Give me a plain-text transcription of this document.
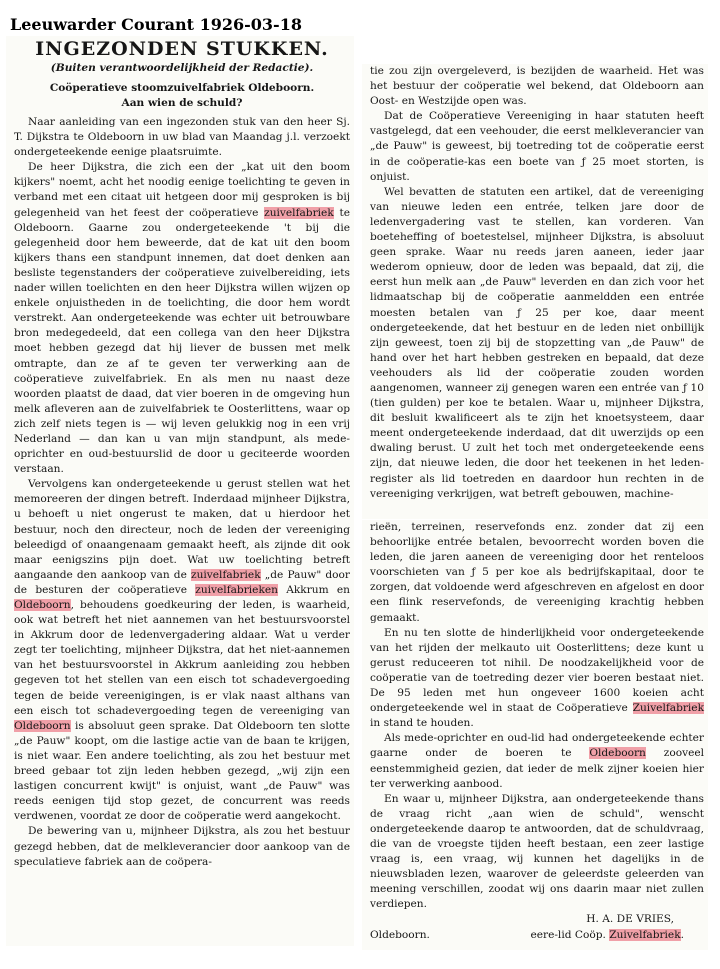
Leeuwarder Courant 1926-03-18
INGEZONDEN STUKKEN.
(Buiten verantwoordelijkheid der Redactie).
Coöperatieve stoomzuivelfabriek Oldeboorn.
Aan wien de schuld?

Naar aanleiding van een ingezonden stuk van den heer Sj. T. Dijkstra te Oldeboorn in uw blad van Maandag j.l. verzoekt ondergeteekende eenige plaatsruimte.

De heer Dijkstra, die zich een der „kat uit den boom kijkers" noemt, acht het noodig eenige toelichting te geven in verband met een citaat uit hetgeen door mij gesproken is bij gelegenheid van het feest der coöperatieve zuivelfabriek te Oldeboorn. Gaarne zou ondergeteekende 't bij die gelegenheid door hem beweerde, dat de kat uit den boom kijkers thans een standpunt innemen, dat doet denken aan besliste tegenstanders der coöperatieve zuivelbereiding, iets nader willen toelichten en den heer Dijkstra willen wijzen op enkele onjuistheden in de toelichting, die door hem wordt verstrekt. Aan ondergeteekende was echter uit betrouwbare bron medegedeeld, dat een collega van den heer Dijkstra moet hebben gezegd dat hij liever de bussen met melk omtrapte, dan ze af te geven ter verwerking aan de coöperatieve zuivelfabriek. En als men nu naast deze woorden plaatst de daad, dat vier boeren in de omgeving hun melk afleveren aan de zuivelfabriek te Oosterlittens, waar op zich zelf niets tegen is — wij leven gelukkig nog in een vrij Nederland — dan kan u van mijn standpunt, als mede-oprichter en oud-bestuurslid de door u geciteerde woorden verstaan.

Vervolgens kan ondergeteekende u gerust stellen wat het memoreeren der dingen betreft. Inderdaad mijnheer Dijkstra, u behoeft u niet ongerust te maken, dat u hierdoor het bestuur, noch den directeur, noch de leden der vereeniging beleedigd of onaangenaam gemaakt heeft, als zijnde dit ook maar eenigszins pijn doet. Wat uw toelichting betreft aangaande den aankoop van de zuivelfabriek „de Pauw" door de besturen der coöperatieve zuivelfabrieken Akkrum en Oldeboorn, behoudens goedkeuring der leden, is waarheid, ook wat betreft het niet aannemen van het bestuursvoorstel in Akkrum door de ledenvergadering aldaar. Wat u verder zegt ter toelichting, mijnheer Dijkstra, dat het niet-aannemen van het bestuursvoorstel in Akkrum aanleiding zou hebben gegeven tot het stellen van een eisch tot schadevergoeding tegen de beide vereenigingen, is er vlak naast althans van een eisch tot schadevergoeding tegen de vereeniging van Oldeboorn is absoluut geen sprake. Dat Oldeboorn ten slotte „de Pauw" koopt, om die lastige actie van de baan te krijgen, is niet waar. Een andere toelichting, als zou het bestuur met breed gebaar tot zijn leden hebben gezegd, „wij zijn een lastigen concurrent kwijt" is onjuist, want „de Pauw" was reeds eenigen tijd stop gezet, de concurrent was reeds verdwenen, voordat ze door de coöperatie werd aangekocht.

De bewering van u, mijnheer Dijkstra, als zou het bestuur gezegd hebben, dat de melkleverancier door aankoop van de speculatieve fabriek aan de coöpera-

tie zou zijn overgeleverd, is bezijden de waarheid. Het was het bestuur der coöperatie wel bekend, dat Oldeboorn aan Oost- en Westzijde open was.

Dat de Coöperatieve Vereeniging in haar statuten heeft vastgelegd, dat een veehouder, die eerst melkleverancier van „de Pauw" is geweest, bij toetreding tot de coöperatie eerst in de coöperatie-kas een boete van ƒ 25 moet storten, is onjuist.

Wel bevatten de statuten een artikel, dat de vereeniging van nieuwe leden een entrée, telken jare door de ledenvergadering vast te stellen, kan vorderen. Van boeteheffing of boetestelsel, mijnheer Dijkstra, is absoluut geen sprake. Waar nu reeds jaren aaneen, ieder jaar wederom opnieuw, door de leden was bepaald, dat zij, die eerst hun melk aan „de Pauw" leverden en dan zich voor het lidmaatschap bij de coöperatie aanmeldden een entrée moesten betalen van ƒ 25 per koe, daar meent ondergeteekende, dat het bestuur en de leden niet onbillijk zijn geweest, toen zij bij de stopzetting van „de Pauw" de hand over het hart hebben gestreken en bepaald, dat deze veehouders als lid der coöperatie zouden worden aangenomen, wanneer zij genegen waren een entrée van ƒ 10 (tien gulden) per koe te betalen. Waar u, mijnheer Dijkstra, dit besluit kwalificeert als te zijn het knoetsysteem, daar meent ondergeteekende inderdaad, dat dit uwerzijds op een dwaling berust. U zult het toch met ondergeteekende eens zijn, dat nieuwe leden, die door het teekenen in het leden-register als lid toetreden en daardoor hun rechten in de vereeniging verkrijgen, wat betreft gebouwen, machine-

rieën, terreinen, reservefonds enz. zonder dat zij een behoorlijke entrée betalen, bevoorrecht worden boven die leden, die jaren aaneen de vereeniging door het renteloos voorschieten van ƒ 5 per koe als bedrijfskapitaal, door te zorgen, dat voldoende werd afgeschreven en afgelost en door een flink reservefonds, de vereeniging krachtig hebben gemaakt.

En nu ten slotte de hinderlijkheid voor ondergeteekende van het rijden der melkauto uit Oosterlittens; deze kunt u gerust reduceeren tot nihil. De noodzakelijkheid voor de coöperatie van de toetreding dezer vier boeren bestaat niet. De 95 leden met hun ongeveer 1600 koeien acht ondergeteekende wel in staat de Coöperatieve Zuivelfabriek in stand te houden.

Als mede-oprichter en oud-lid had ondergeteekende echter gaarne onder de boeren te Oldeboorn zooveel eenstemmigheid gezien, dat ieder de melk zijner koeien hier ter verwerking aanbood.

En waar u, mijnheer Dijkstra, aan ondergeteekende thans de vraag richt „aan wien de schuld", wenscht ondergeteekende daarop te antwoorden, dat de schuldvraag, die van de vroegste tijden heeft bestaan, een zeer lastige vraag is, een vraag, wij kunnen het dagelijks in de nieuwsbladen lezen, waarover de geleerdste geleerden van meening verschillen, zoodat wij ons daarin maar niet zullen verdiepen.

H. A. DE VRIES,
Oldeboorn.	eere-lid Coöp. Zuivelfabriek.
